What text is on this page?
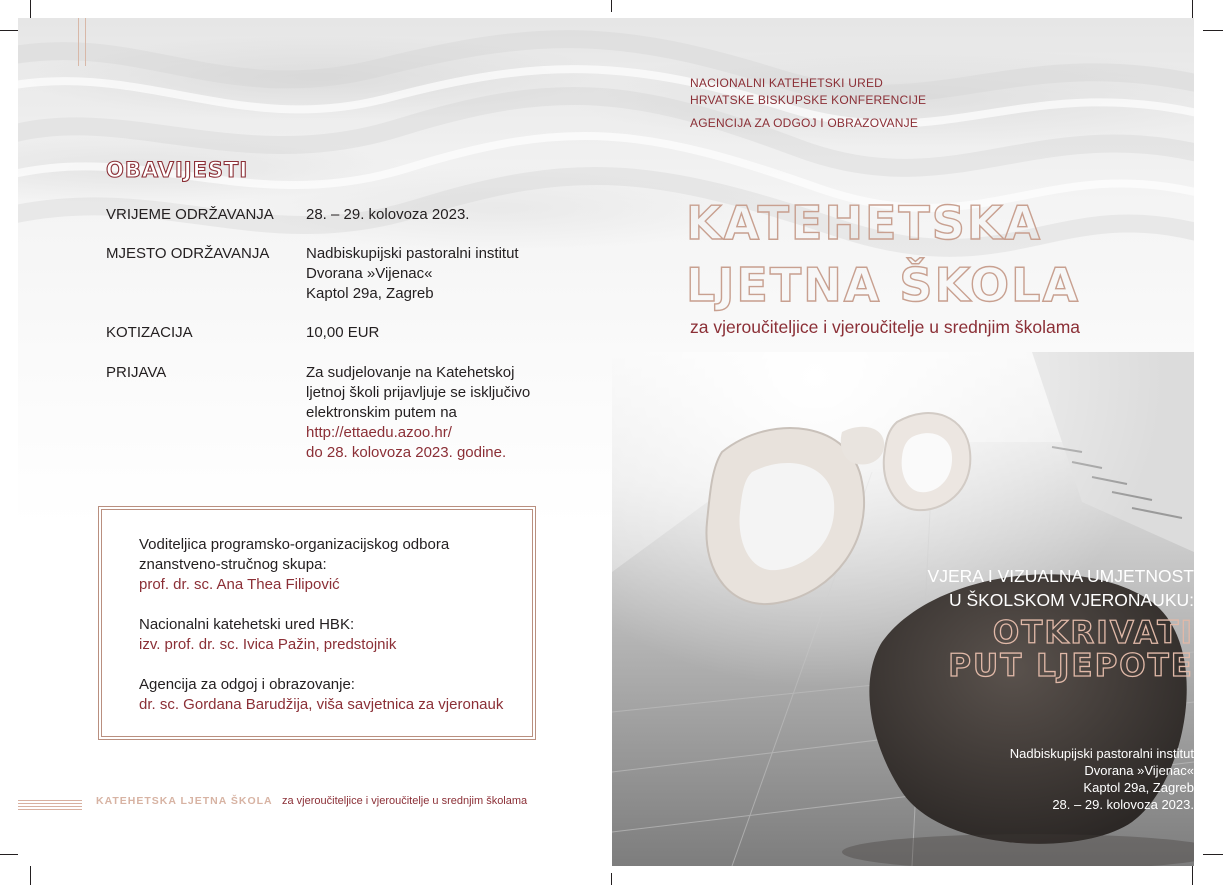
OBAVIJESTI
VRIJEME ODRŽAVANJA	28. – 29. kolovoza 2023.
MJESTO ODRŽAVANJA	Nadbiskupijski pastoralni institut
Dvorana »Vijenac«
Kaptol 29a, Zagreb
KOTIZACIJA	10,00 EUR
PRIJAVA	Za sudjelovanje na Katehetskoj
ljetnoj školi prijavljuje se isključivo
elektronskim putem na
http://ettaedu.azoo.hr/
do 28. kolovoza 2023. godine.
Voditeljica programsko-organizacijskog odbora
znanstveno-stručnog skupa:
prof. dr. sc. Ana Thea Filipović
Nacionalni katehetski ured HBK:
izv. prof. dr. sc. Ivica Pažin, predstojnik
Agencija za odgoj i obrazovanje:
dr. sc. Gordana Barudžija, viša savjetnica za vjeronauk
KATEHETSKA LJETNA ŠKOLA za vjeroučiteljice i vjeroučitelje u srednjim školama
NACIONALNI KATEHETSKI URED
HRVATSKE BISKUPSKE KONFERENCIJE
AGENCIJA ZA ODGOJ I OBRAZOVANJE
KATEHETSKA
LJETNA ŠKOLA
za vjeroučiteljice i vjeroučitelje u srednjim školama
VJERA I VIZUALNA UMJETNOST
U ŠKOLSKOM VJERONAUKU:
OTKRIVATI
PUT LJEPOTE
Nadbiskupijski pastoralni institut
Dvorana »Vijenac«
Kaptol 29a, Zagreb
28. – 29. kolovoza 2023.
